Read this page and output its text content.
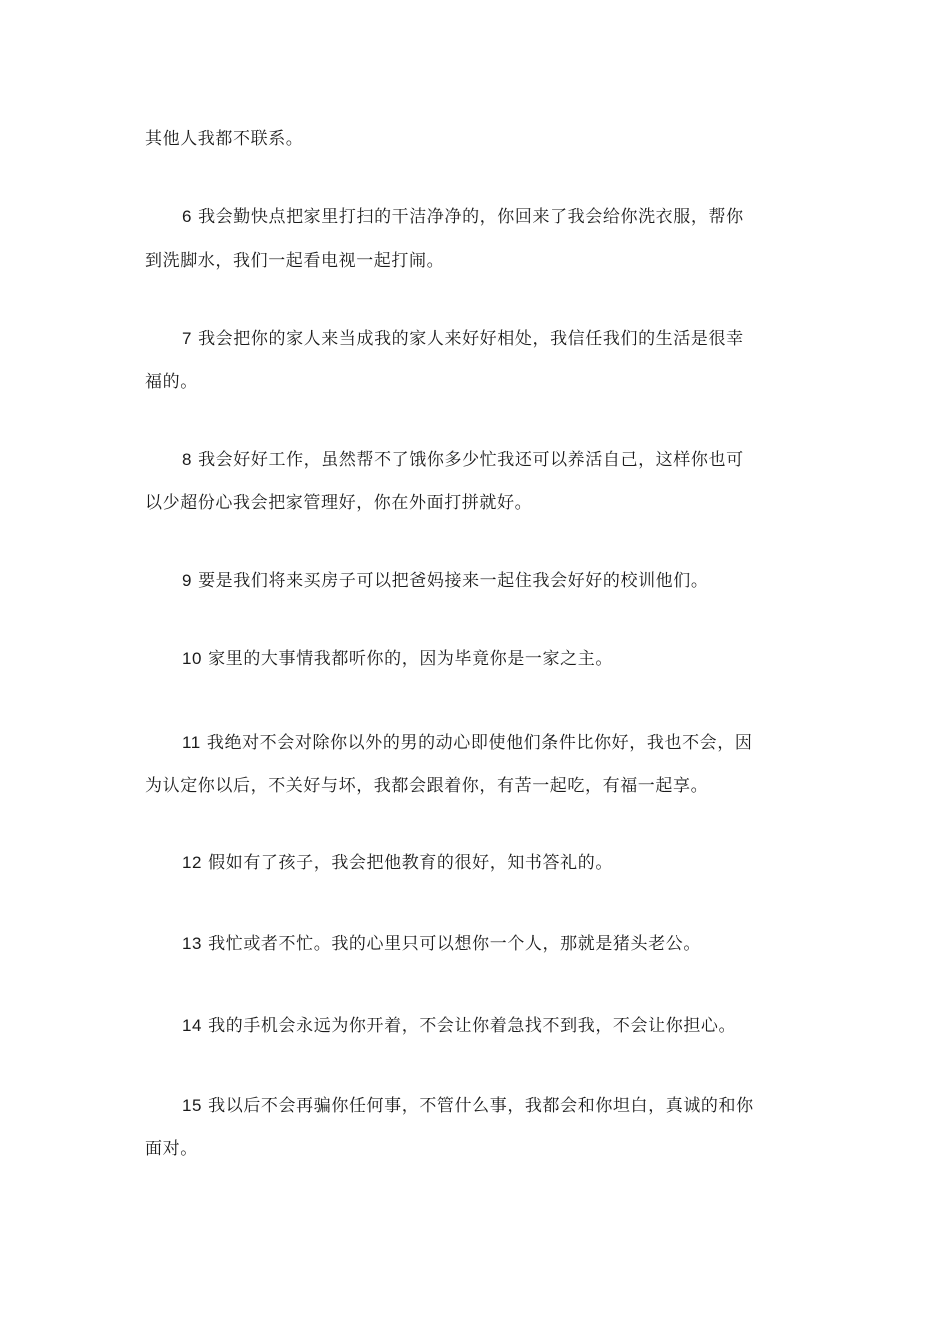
其他人我都不联系。

6 我会勤快点把家里打扫的干洁净净的，你回来了我会给你洗衣服，帮你

到洗脚水，我们一起看电视一起打闹。

7 我会把你的家人来当成我的家人来好好相处，我信任我们的生活是很幸

福的。

8 我会好好工作，虽然帮不了饿你多少忙我还可以养活自己，这样你也可

以少超份心我会把家管理好，你在外面打拼就好。

9 要是我们将来买房子可以把爸妈接来一起住我会好好的校训他们。

10 家里的大事情我都听你的，因为毕竟你是一家之主。

11 我绝对不会对除你以外的男的动心即使他们条件比你好，我也不会，因

为认定你以后，不关好与坏，我都会跟着你，有苦一起吃，有福一起享。

12 假如有了孩子，我会把他教育的很好，知书答礼的。

13 我忙或者不忙。我的心里只可以想你一个人，那就是猪头老公。

14 我的手机会永远为你开着，不会让你着急找不到我，不会让你担心。

15 我以后不会再骗你任何事，不管什么事，我都会和你坦白，真诚的和你

面对。
